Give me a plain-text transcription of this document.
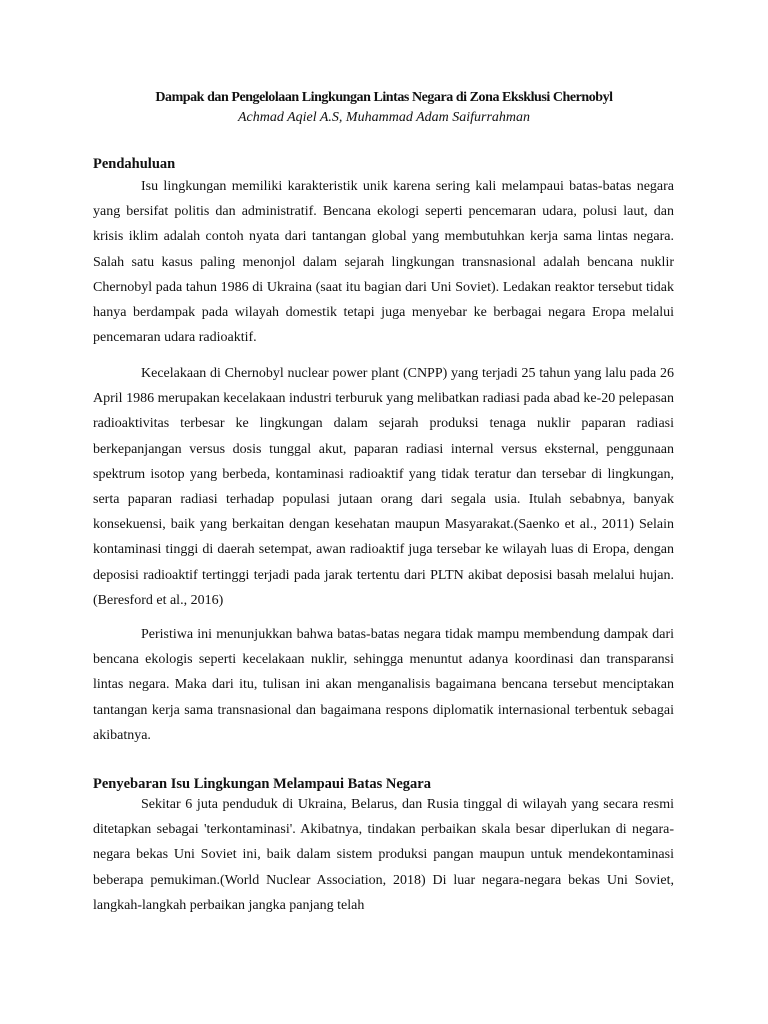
Dampak dan Pengelolaan Lingkungan Lintas Negara di Zona Eksklusi Chernobyl
Achmad Aqiel A.S, Muhammad Adam Saifurrahman
Pendahuluan

Isu lingkungan memiliki karakteristik unik karena sering kali melampaui batas-batas negara yang bersifat politis dan administratif. Bencana ekologi seperti pencemaran udara, polusi laut, dan krisis iklim adalah contoh nyata dari tantangan global yang membutuhkan kerja sama lintas negara. Salah satu kasus paling menonjol dalam sejarah lingkungan transnasional adalah bencana nuklir Chernobyl pada tahun 1986 di Ukraina (saat itu bagian dari Uni Soviet). Ledakan reaktor tersebut tidak hanya berdampak pada wilayah domestik tetapi juga menyebar ke berbagai negara Eropa melalui pencemaran udara radioaktif.

Kecelakaan di Chernobyl nuclear power plant (CNPP) yang terjadi 25 tahun yang lalu pada 26 April 1986 merupakan kecelakaan industri terburuk yang melibatkan radiasi pada abad ke-20 pelepasan radioaktivitas terbesar ke lingkungan dalam sejarah produksi tenaga nuklir paparan radiasi berkepanjangan versus dosis tunggal akut, paparan radiasi internal versus eksternal, penggunaan spektrum isotop yang berbeda, kontaminasi radioaktif yang tidak teratur dan tersebar di lingkungan, serta paparan radiasi terhadap populasi jutaan orang dari segala usia. Itulah sebabnya, banyak konsekuensi, baik yang berkaitan dengan kesehatan maupun Masyarakat.(Saenko et al., 2011) Selain kontaminasi tinggi di daerah setempat, awan radioaktif juga tersebar ke wilayah luas di Eropa, dengan deposisi radioaktif tertinggi terjadi pada jarak tertentu dari PLTN akibat deposisi basah melalui hujan.(Beresford et al., 2016)

Peristiwa ini menunjukkan bahwa batas-batas negara tidak mampu membendung dampak dari bencana ekologis seperti kecelakaan nuklir, sehingga menuntut adanya koordinasi dan transparansi lintas negara. Maka dari itu, tulisan ini akan menganalisis bagaimana bencana tersebut menciptakan tantangan kerja sama transnasional dan bagaimana respons diplomatik internasional terbentuk sebagai akibatnya.

Penyebaran Isu Lingkungan Melampaui Batas Negara

Sekitar 6 juta penduduk di Ukraina, Belarus, dan Rusia tinggal di wilayah yang secara resmi ditetapkan sebagai 'terkontaminasi'. Akibatnya, tindakan perbaikan skala besar diperlukan di negara-negara bekas Uni Soviet ini, baik dalam sistem produksi pangan maupun untuk mendekontaminasi beberapa pemukiman.(World Nuclear Association, 2018) Di luar negara-negara bekas Uni Soviet, langkah-langkah perbaikan jangka panjang telah
